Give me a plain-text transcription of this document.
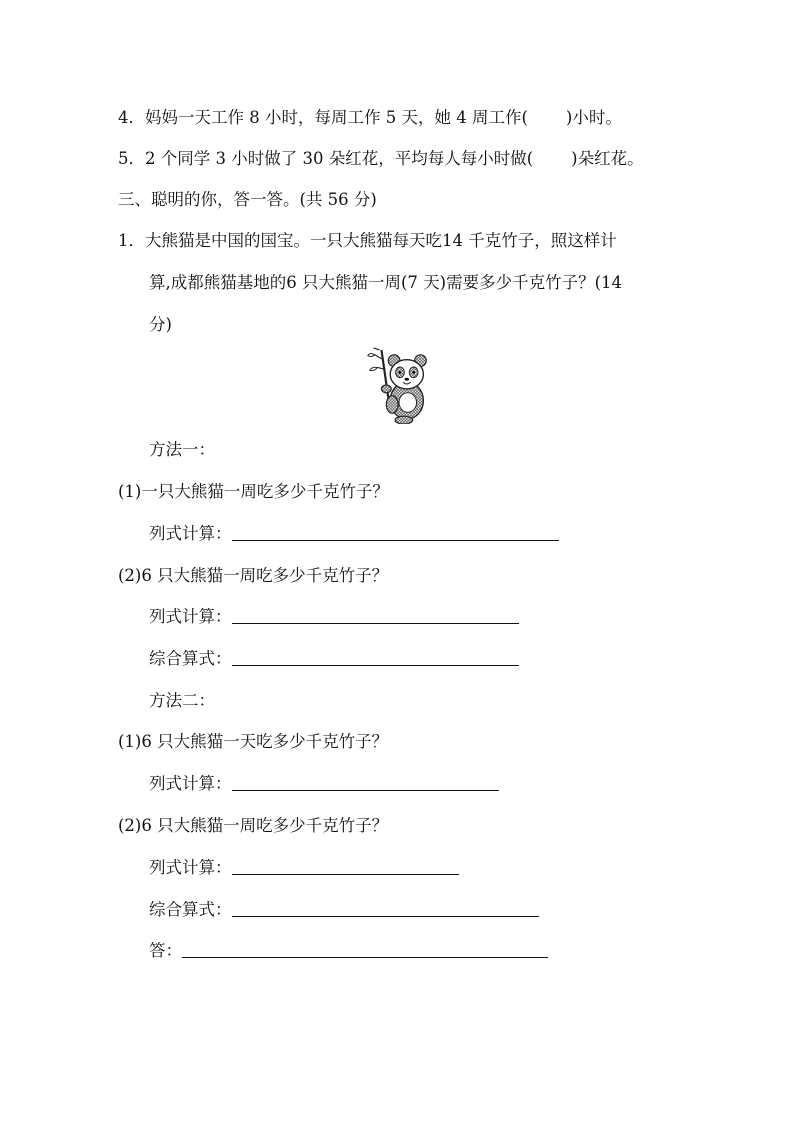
4．妈妈一天工作 8 小时，每周工作 5 天，她 4 周工作( )小时。
5．2 个同学 3 小时做了 30 朵红花，平均每人每小时做( )朵红花。
三、聪明的你，答一答。(共 56 分)
1．大熊猫是中国的国宝。一只大熊猫每天吃14 千克竹子，照这样计
算,成都熊猫基地的6 只大熊猫一周(7 天)需要多少千克竹子？(14
分)
方法一：
(1)一只大熊猫一周吃多少千克竹子？
列式计算：
(2)6 只大熊猫一周吃多少千克竹子？
列式计算：
综合算式：
方法二：
(1)6 只大熊猫一天吃多少千克竹子？
列式计算：
(2)6 只大熊猫一周吃多少千克竹子？
列式计算：
综合算式：
答：
